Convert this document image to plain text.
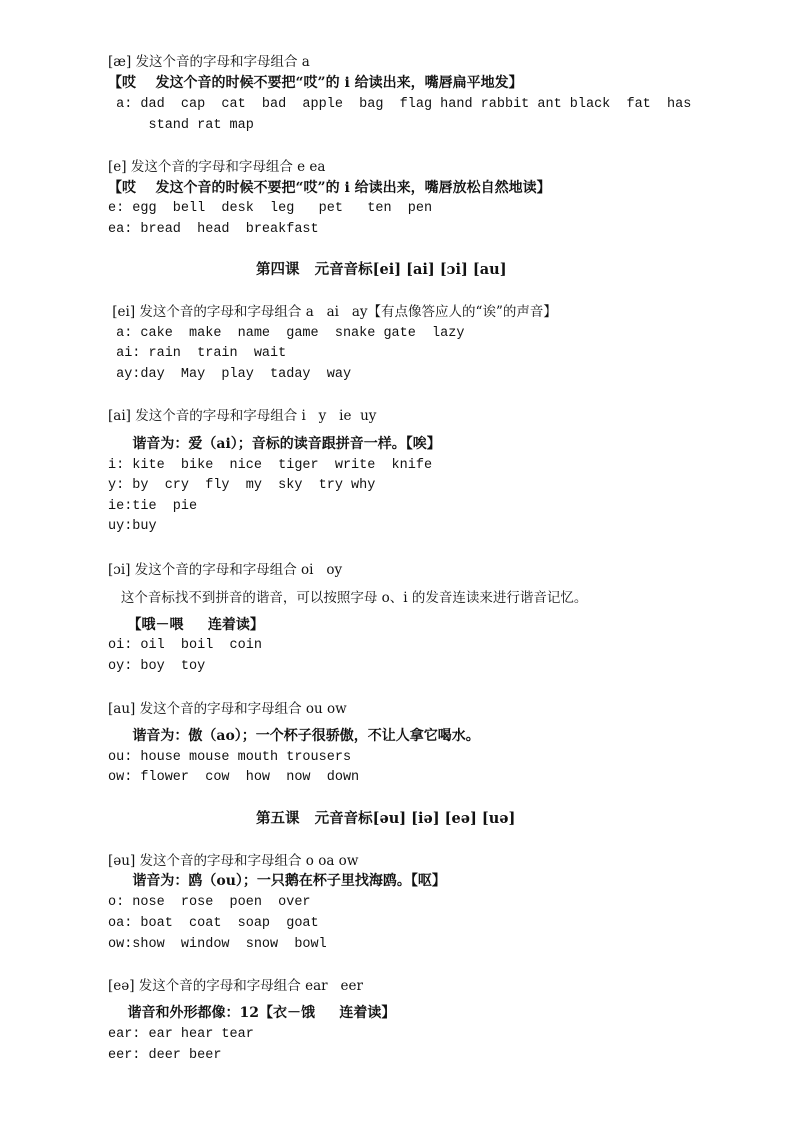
[æ] 发这个音的字母和字母组合 a
【哎    发这个音的时候不要把“哎”的 i 给读出来，嘴唇扁平地发】
a: dad  cap  cat  bad  apple  bag  flag hand rabbit ant black  fat  has
stand rat map
[e] 发这个音的字母和字母组合 e ea
【哎    发这个音的时候不要把“哎”的 i 给读出来，嘴唇放松自然地读】
e: egg  bell  desk  leg   pet   ten  pen
ea: bread  head  breakfast
第四课   元音音标[ei] [ai] [ɔi] [au]
[ei] 发这个音的字母和字母组合 a   ai   ay【有点像答应人的“诶”的声音】
a: cake  make  name  game  snake gate  lazy
ai: rain  train  wait
ay:day  May  play  taday  way
[ai] 发这个音的字母和字母组合 i   y   ie  uy
谐音为：爱（ai）；音标的读音跟拼音一样。【唉】
i: kite  bike  nice  tiger  write  knife
y: by  cry  fly  my  sky  try why
ie:tie  pie
uy:buy
[ɔi] 发这个音的字母和字母组合 oi   oy
这个音标找不到拼音的谐音，可以按照字母 o、i 的发音连读来进行谐音记忆。
【哦－喂     连着读】
oi: oil  boil  coin
oy: boy  toy
[au] 发这个音的字母和字母组合 ou ow
谐音为：傲（ao）；一个杯子很骄傲，不让人拿它喝水。
ou: house mouse mouth trousers
ow: flower  cow  how  now  down
第五课   元音音标[əu] [iə] [eə] [uə]
[əu] 发这个音的字母和字母组合 o oa ow
谐音为：鸥（ou）；一只鹅在杯子里找海鸥。【呕】
o: nose  rose  poen  over
oa: boat  coat  soap  goat
ow:show  window  snow  bowl
[eə] 发这个音的字母和字母组合 ear   eer
谐音和外形都像：12【衣－饿     连着读】
ear: ear hear tear
eer: deer beer
